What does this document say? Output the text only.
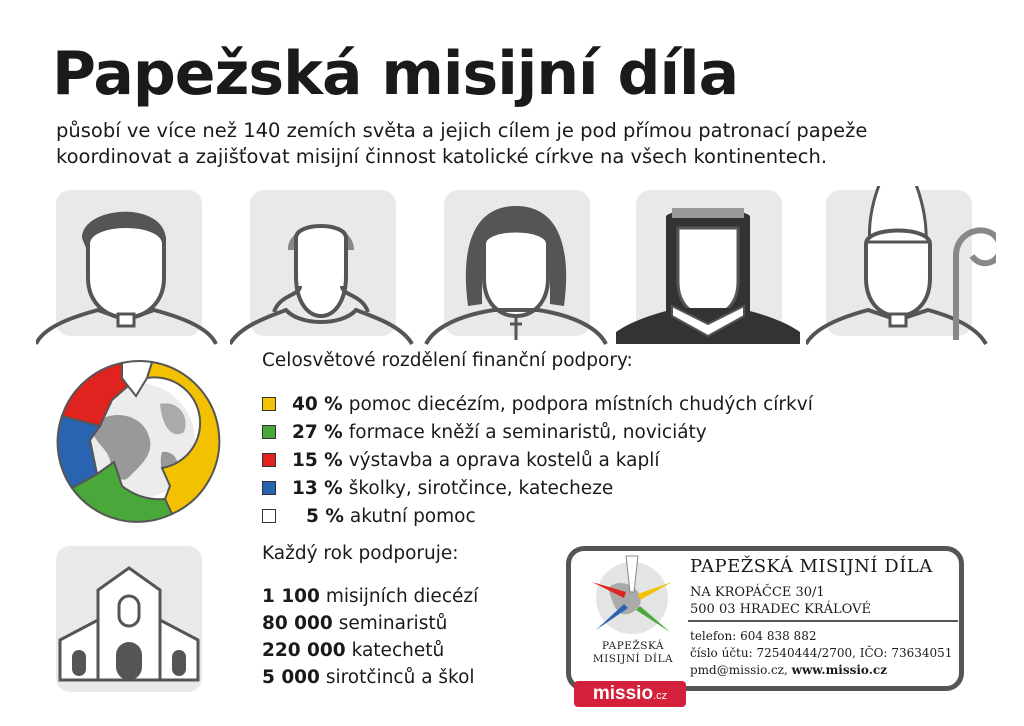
Papežská misijní díla
působí ve více než 140 zemích světa a jejich cílem je pod přímou patronací papeže
koordinovat a zajišťovat misijní činnost katolické církve na všech kontinentech.
Celosvětové rozdělení finanční podpory:
40 % pomoc diecézím, podpora místních chudých církví
27 % formace kněží a seminaristů, noviciáty
15 % výstavba a oprava kostelů a kaplí
13 % školky, sirotčince, katecheze
5 % akutní pomoc
Každý rok podporuje:
1 100 misijních diecézí
80 000 seminaristů
220 000 katechetů
5 000 sirotčinců a škol
PAPEŽSKÁ
MISIJNÍ DÍLA
missio.cz
PAPEŽSKÁ MISIJNÍ DÍLA
NA KROPÁČCE 30/1
500 03 HRADEC KRÁLOVÉ
telefon: 604 838 882
číslo účtu: 72540444/2700, IČO: 73634051
pmd@missio.cz, www.missio.cz
